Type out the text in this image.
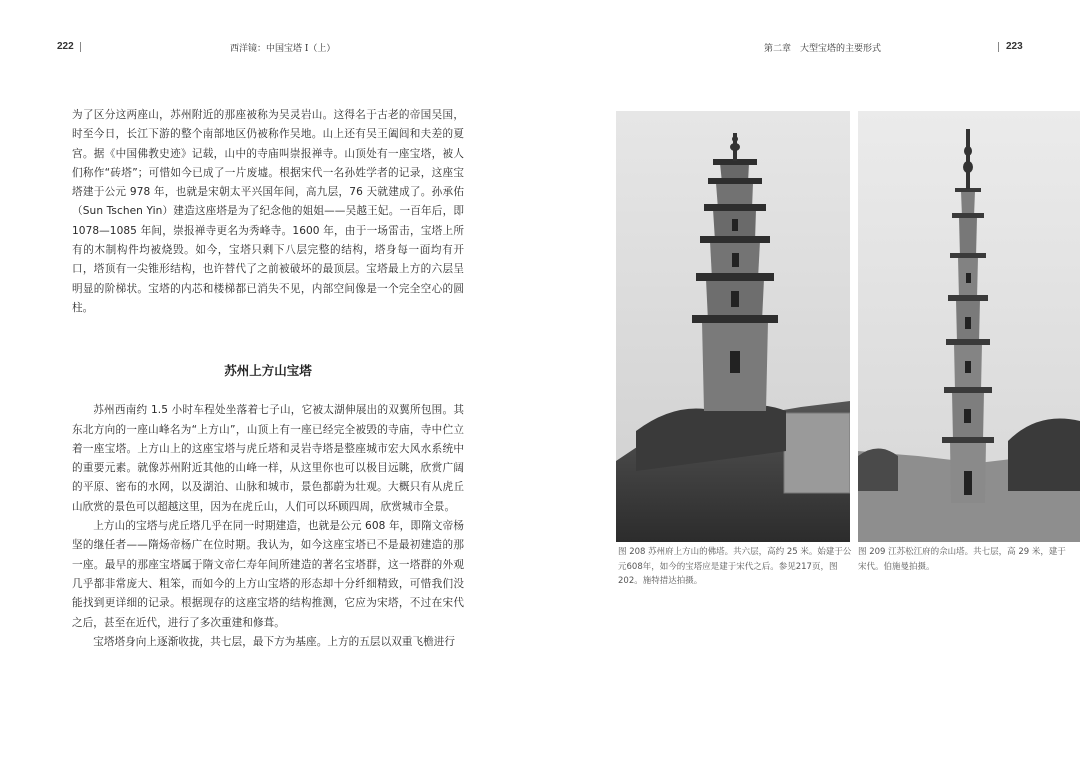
222	西洋镜：中国宝塔 I（上）	第二章　大型宝塔的主要形式	223

为了区分这两座山，苏州附近的那座被称为吴灵岩山。这得名于古老的帝国吴国，时至今日，长江下游的整个南部地区仍被称作吴地。山上还有吴王阖闾和夫差的夏宫。据《中国佛教史迹》记载，山中的寺庙叫崇报禅寺。山顶处有一座宝塔，被人们称作“砖塔”；可惜如今已成了一片废墟。根据宋代一名孙姓学者的记录，这座宝塔建于公元 978 年，也就是宋朝太平兴国年间，高九层，76 天就建成了。孙承佑（Sun Tschen Yin）建造这座塔是为了纪念他的姐姐——吴越王妃。一百年后，即 1078—1085 年间，崇报禅寺更名为秀峰寺。1600 年，由于一场雷击，宝塔上所有的木制构件均被烧毁。如今，宝塔只剩下八层完整的结构，塔身每一面均有开口，塔顶有一尖锥形结构，也许替代了之前被破坏的最顶层。宝塔最上方的六层呈明显的阶梯状。宝塔的内芯和楼梯都已消失不见，内部空间像是一个完全空心的圆柱。

苏州上方山宝塔

苏州西南约 1.5 小时车程处坐落着七子山，它被太湖伸展出的双翼所包围。其东北方向的一座山峰名为“上方山”，山顶上有一座已经完全被毁的寺庙，寺中伫立着一座宝塔。上方山上的这座宝塔与虎丘塔和灵岩寺塔是整座城市宏大风水系统中的重要元素。就像苏州附近其他的山峰一样，从这里你也可以极目远眺，欣赏广阔的平原、密布的水网，以及湖泊、山脉和城市，景色都蔚为壮观。大概只有从虎丘山欣赏的景色可以超越这里，因为在虎丘山，人们可以环顾四周，欣赏城市全景。

上方山的宝塔与虎丘塔几乎在同一时期建造，也就是公元 608 年，即隋文帝杨坚的继任者——隋炀帝杨广在位时期。我认为，如今这座宝塔已不是最初建造的那一座。最早的那座宝塔属于隋文帝仁寿年间所建造的著名宝塔群，这一塔群的外观几乎都非常庞大、粗笨，而如今的上方山宝塔的形态却十分纤细精致，可惜我们没能找到更详细的记录。根据现存的这座宝塔的结构推测，它应为宋塔，不过在宋代之后，甚至在近代，进行了多次重建和修葺。

宝塔塔身向上逐渐收拢，共七层，最下方为基座。上方的五层以双重飞檐进行

图 208 苏州府上方山的佛塔。共六层，高约 25 米。始建于公元608年，如今的宝塔应是建于宋代之后。参见217页，图 202。施特措达拍摄。
图 209 江苏松江府的佘山塔。共七层，高 29 米，建于宋代。伯施曼拍摄。
